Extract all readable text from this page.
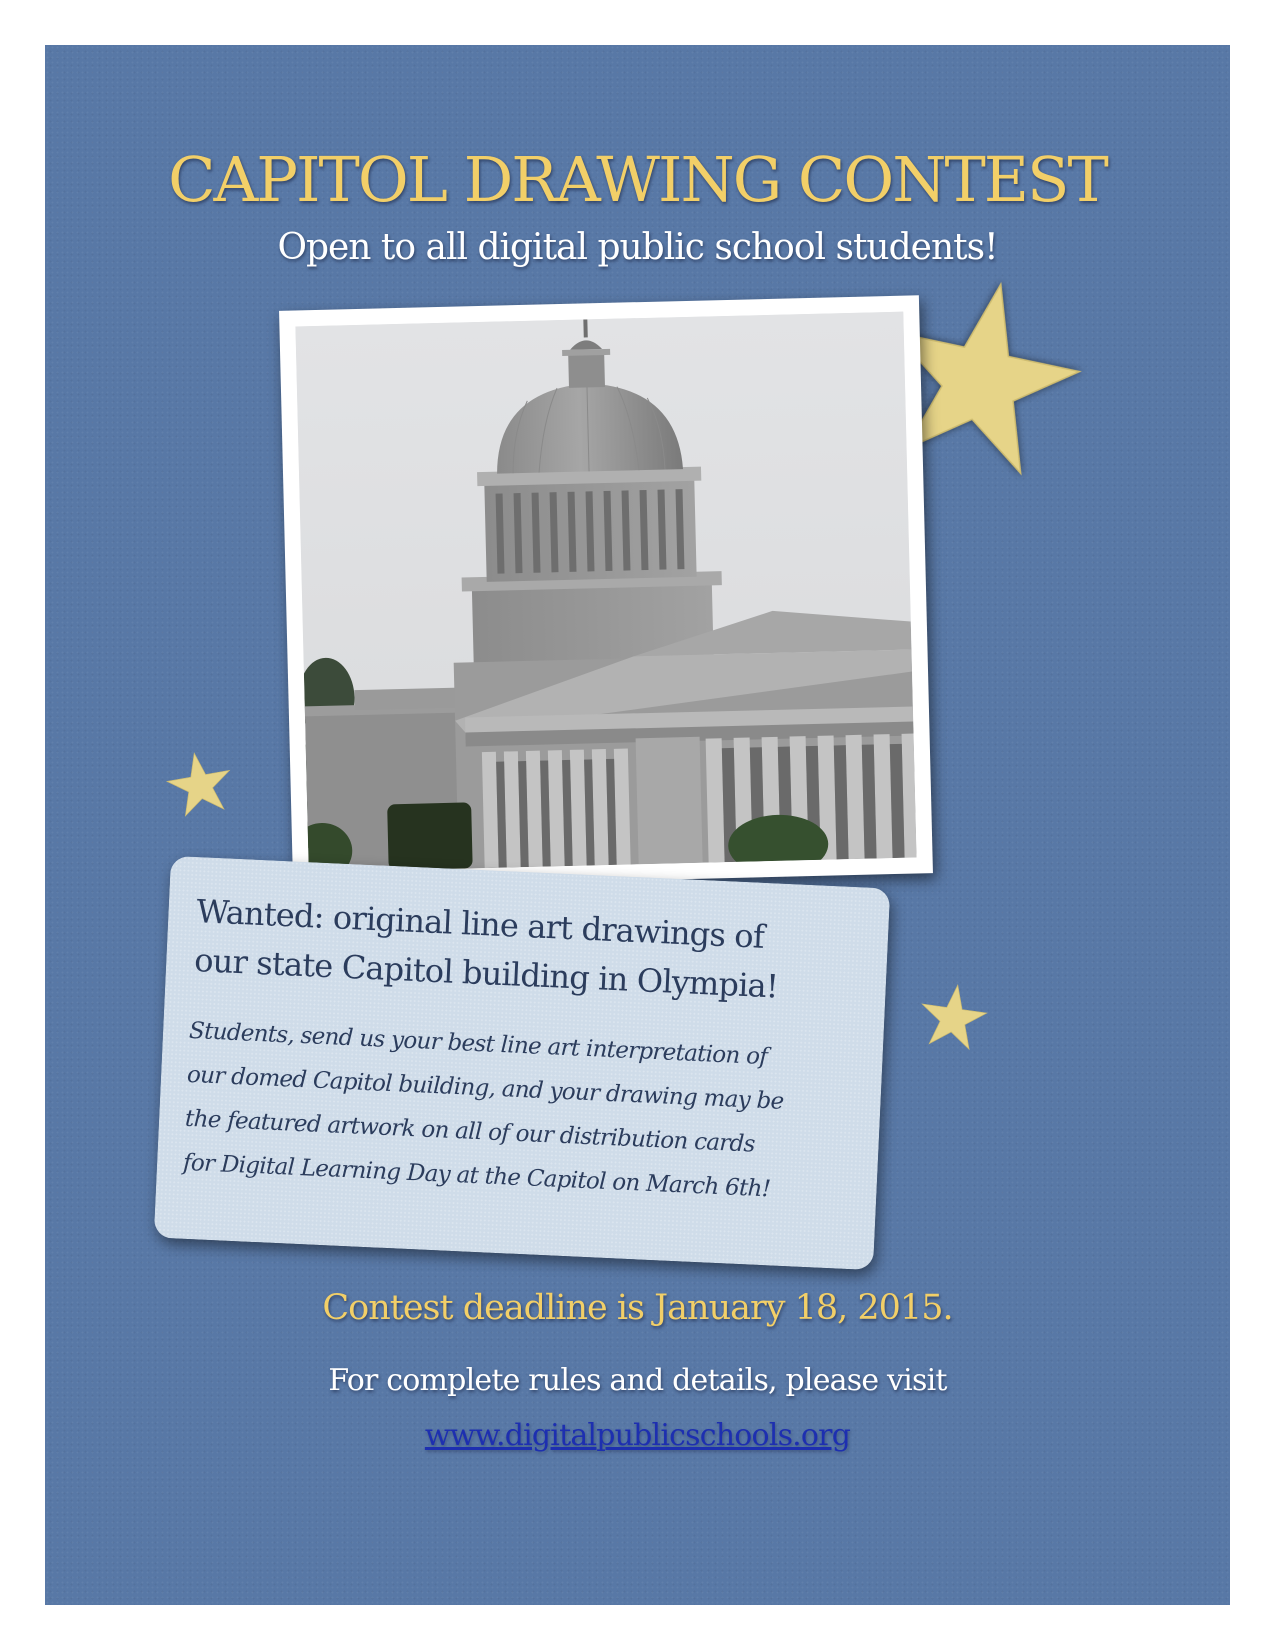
CAPITOL DRAWING CONTEST
Open to all digital public school students!

Wanted: original line art drawings of
our state Capitol building in Olympia!

Students, send us your best line art interpretation of
our domed Capitol building, and your drawing may be
the featured artwork on all of our distribution cards
for Digital Learning Day at the Capitol on March 6th!

Contest deadline is January 18, 2015.
For complete rules and details, please visit
www.digitalpublicschools.org
